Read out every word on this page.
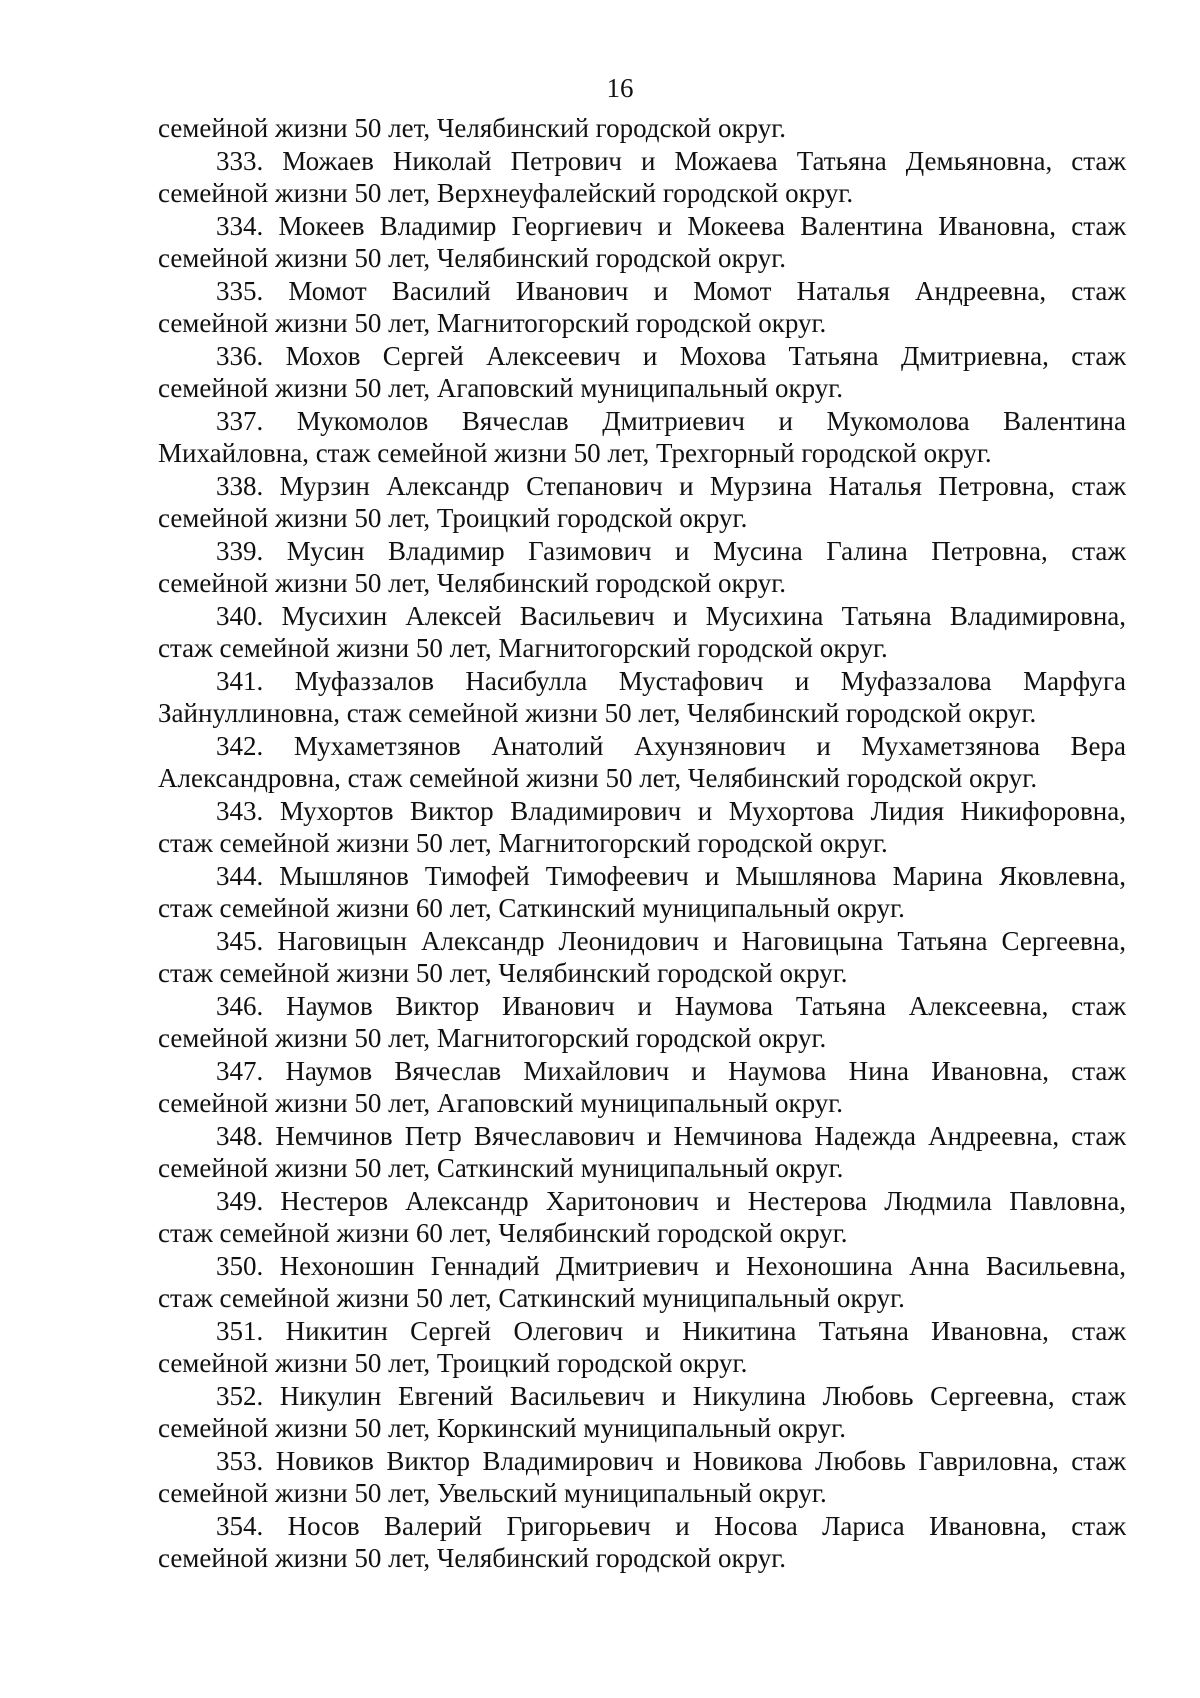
16
семейной жизни 50 лет, Челябинский городской округ.
333. Можаев Николай Петрович и Можаева Татьяна Демьяновна, стаж
семейной жизни 50 лет, Верхнеуфалейский городской округ.
334. Мокеев Владимир Георгиевич и Мокеева Валентина Ивановна, стаж
семейной жизни 50 лет, Челябинский городской округ.
335. Момот Василий Иванович и Момот Наталья Андреевна, стаж
семейной жизни 50 лет, Магнитогорский городской округ.
336. Мохов Сергей Алексеевич и Мохова Татьяна Дмитриевна, стаж
семейной жизни 50 лет, Агаповский муниципальный округ.
337. Мукомолов Вячеслав Дмитриевич и Мукомолова Валентина
Михайловна, стаж семейной жизни 50 лет, Трехгорный городской округ.
338. Мурзин Александр Степанович и Мурзина Наталья Петровна, стаж
семейной жизни 50 лет, Троицкий городской округ.
339. Мусин Владимир Газимович и Мусина Галина Петровна, стаж
семейной жизни 50 лет, Челябинский городской округ.
340. Мусихин Алексей Васильевич и Мусихина Татьяна Владимировна,
стаж семейной жизни 50 лет, Магнитогорский городской округ.
341. Муфаззалов Насибулла Мустафович и Муфаззалова Марфуга
Зайнуллиновна, стаж семейной жизни 50 лет, Челябинский городской округ.
342. Мухаметзянов Анатолий Ахунзянович и Мухаметзянова Вера
Александровна, стаж семейной жизни 50 лет, Челябинский городской округ.
343. Мухортов Виктор Владимирович и Мухортова Лидия Никифоровна,
стаж семейной жизни 50 лет, Магнитогорский городской округ.
344. Мышлянов Тимофей Тимофеевич и Мышлянова Марина Яковлевна,
стаж семейной жизни 60 лет, Саткинский муниципальный округ.
345. Наговицын Александр Леонидович и Наговицына Татьяна Сергеевна,
стаж семейной жизни 50 лет, Челябинский городской округ.
346. Наумов Виктор Иванович и Наумова Татьяна Алексеевна, стаж
семейной жизни 50 лет, Магнитогорский городской округ.
347. Наумов Вячеслав Михайлович и Наумова Нина Ивановна, стаж
семейной жизни 50 лет, Агаповский муниципальный округ.
348. Немчинов Петр Вячеславович и Немчинова Надежда Андреевна, стаж
семейной жизни 50 лет, Саткинский муниципальный округ.
349. Нестеров Александр Харитонович и Нестерова Людмила Павловна,
стаж семейной жизни 60 лет, Челябинский городской округ.
350. Нехоношин Геннадий Дмитриевич и Нехоношина Анна Васильевна,
стаж семейной жизни 50 лет, Саткинский муниципальный округ.
351. Никитин Сергей Олегович и Никитина Татьяна Ивановна, стаж
семейной жизни 50 лет, Троицкий городской округ.
352. Никулин Евгений Васильевич и Никулина Любовь Сергеевна, стаж
семейной жизни 50 лет, Коркинский муниципальный округ.
353. Новиков Виктор Владимирович и Новикова Любовь Гавриловна, стаж
семейной жизни 50 лет, Увельский муниципальный округ.
354. Носов Валерий Григорьевич и Носова Лариса Ивановна, стаж
семейной жизни 50 лет, Челябинский городской округ.
